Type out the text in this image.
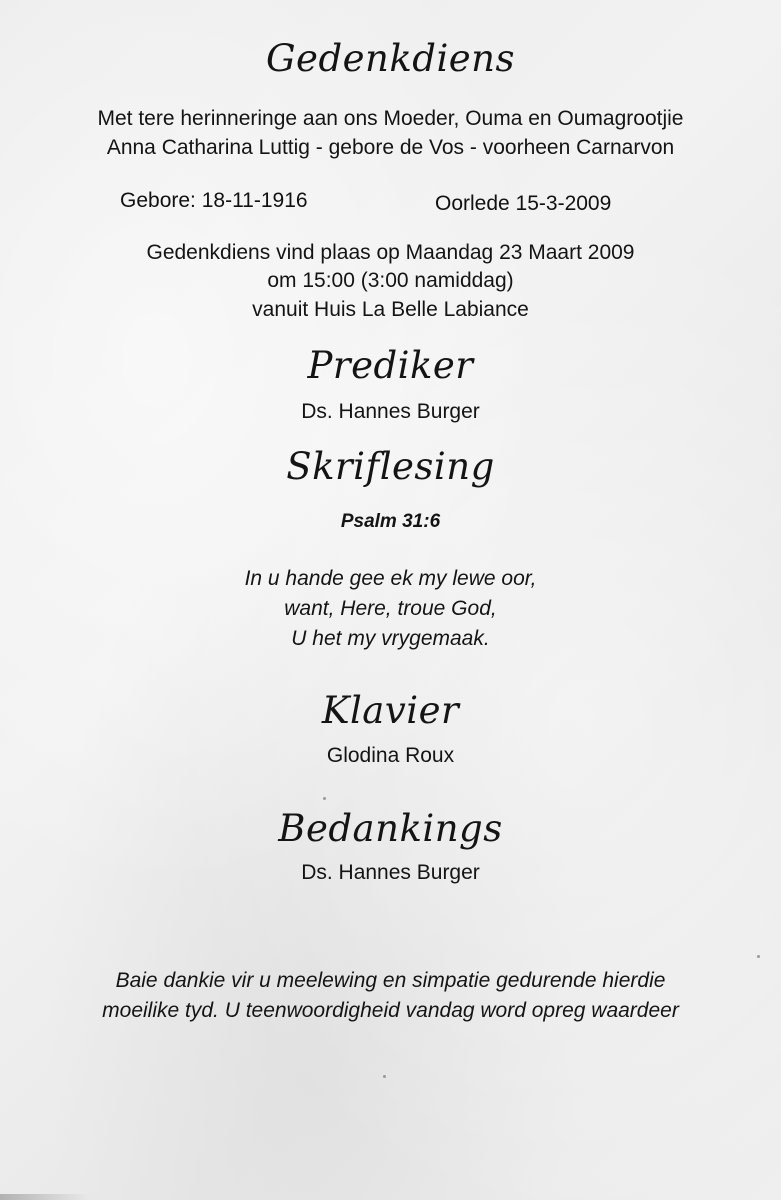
Gedenkdiens
Met tere herinneringe aan ons Moeder, Ouma en Oumagrootjie
Anna Catharina Luttig - gebore de Vos - voorheen Carnarvon
Gebore: 18-11-1916	Oorlede 15-3-2009
Gedenkdiens vind plaas op Maandag 23 Maart 2009
om 15:00 (3:00 namiddag)
vanuit Huis La Belle Labiance
Prediker
Ds. Hannes Burger
Skriflesing
Psalm 31:6
In u hande gee ek my lewe oor,
want, Here, troue God,
U het my vrygemaak.
Klavier
Glodina Roux
Bedankings
Ds. Hannes Burger
Baie dankie vir u meelewing en simpatie gedurende hierdie
moeilike tyd. U teenwoordigheid vandag word opreg waardeer
